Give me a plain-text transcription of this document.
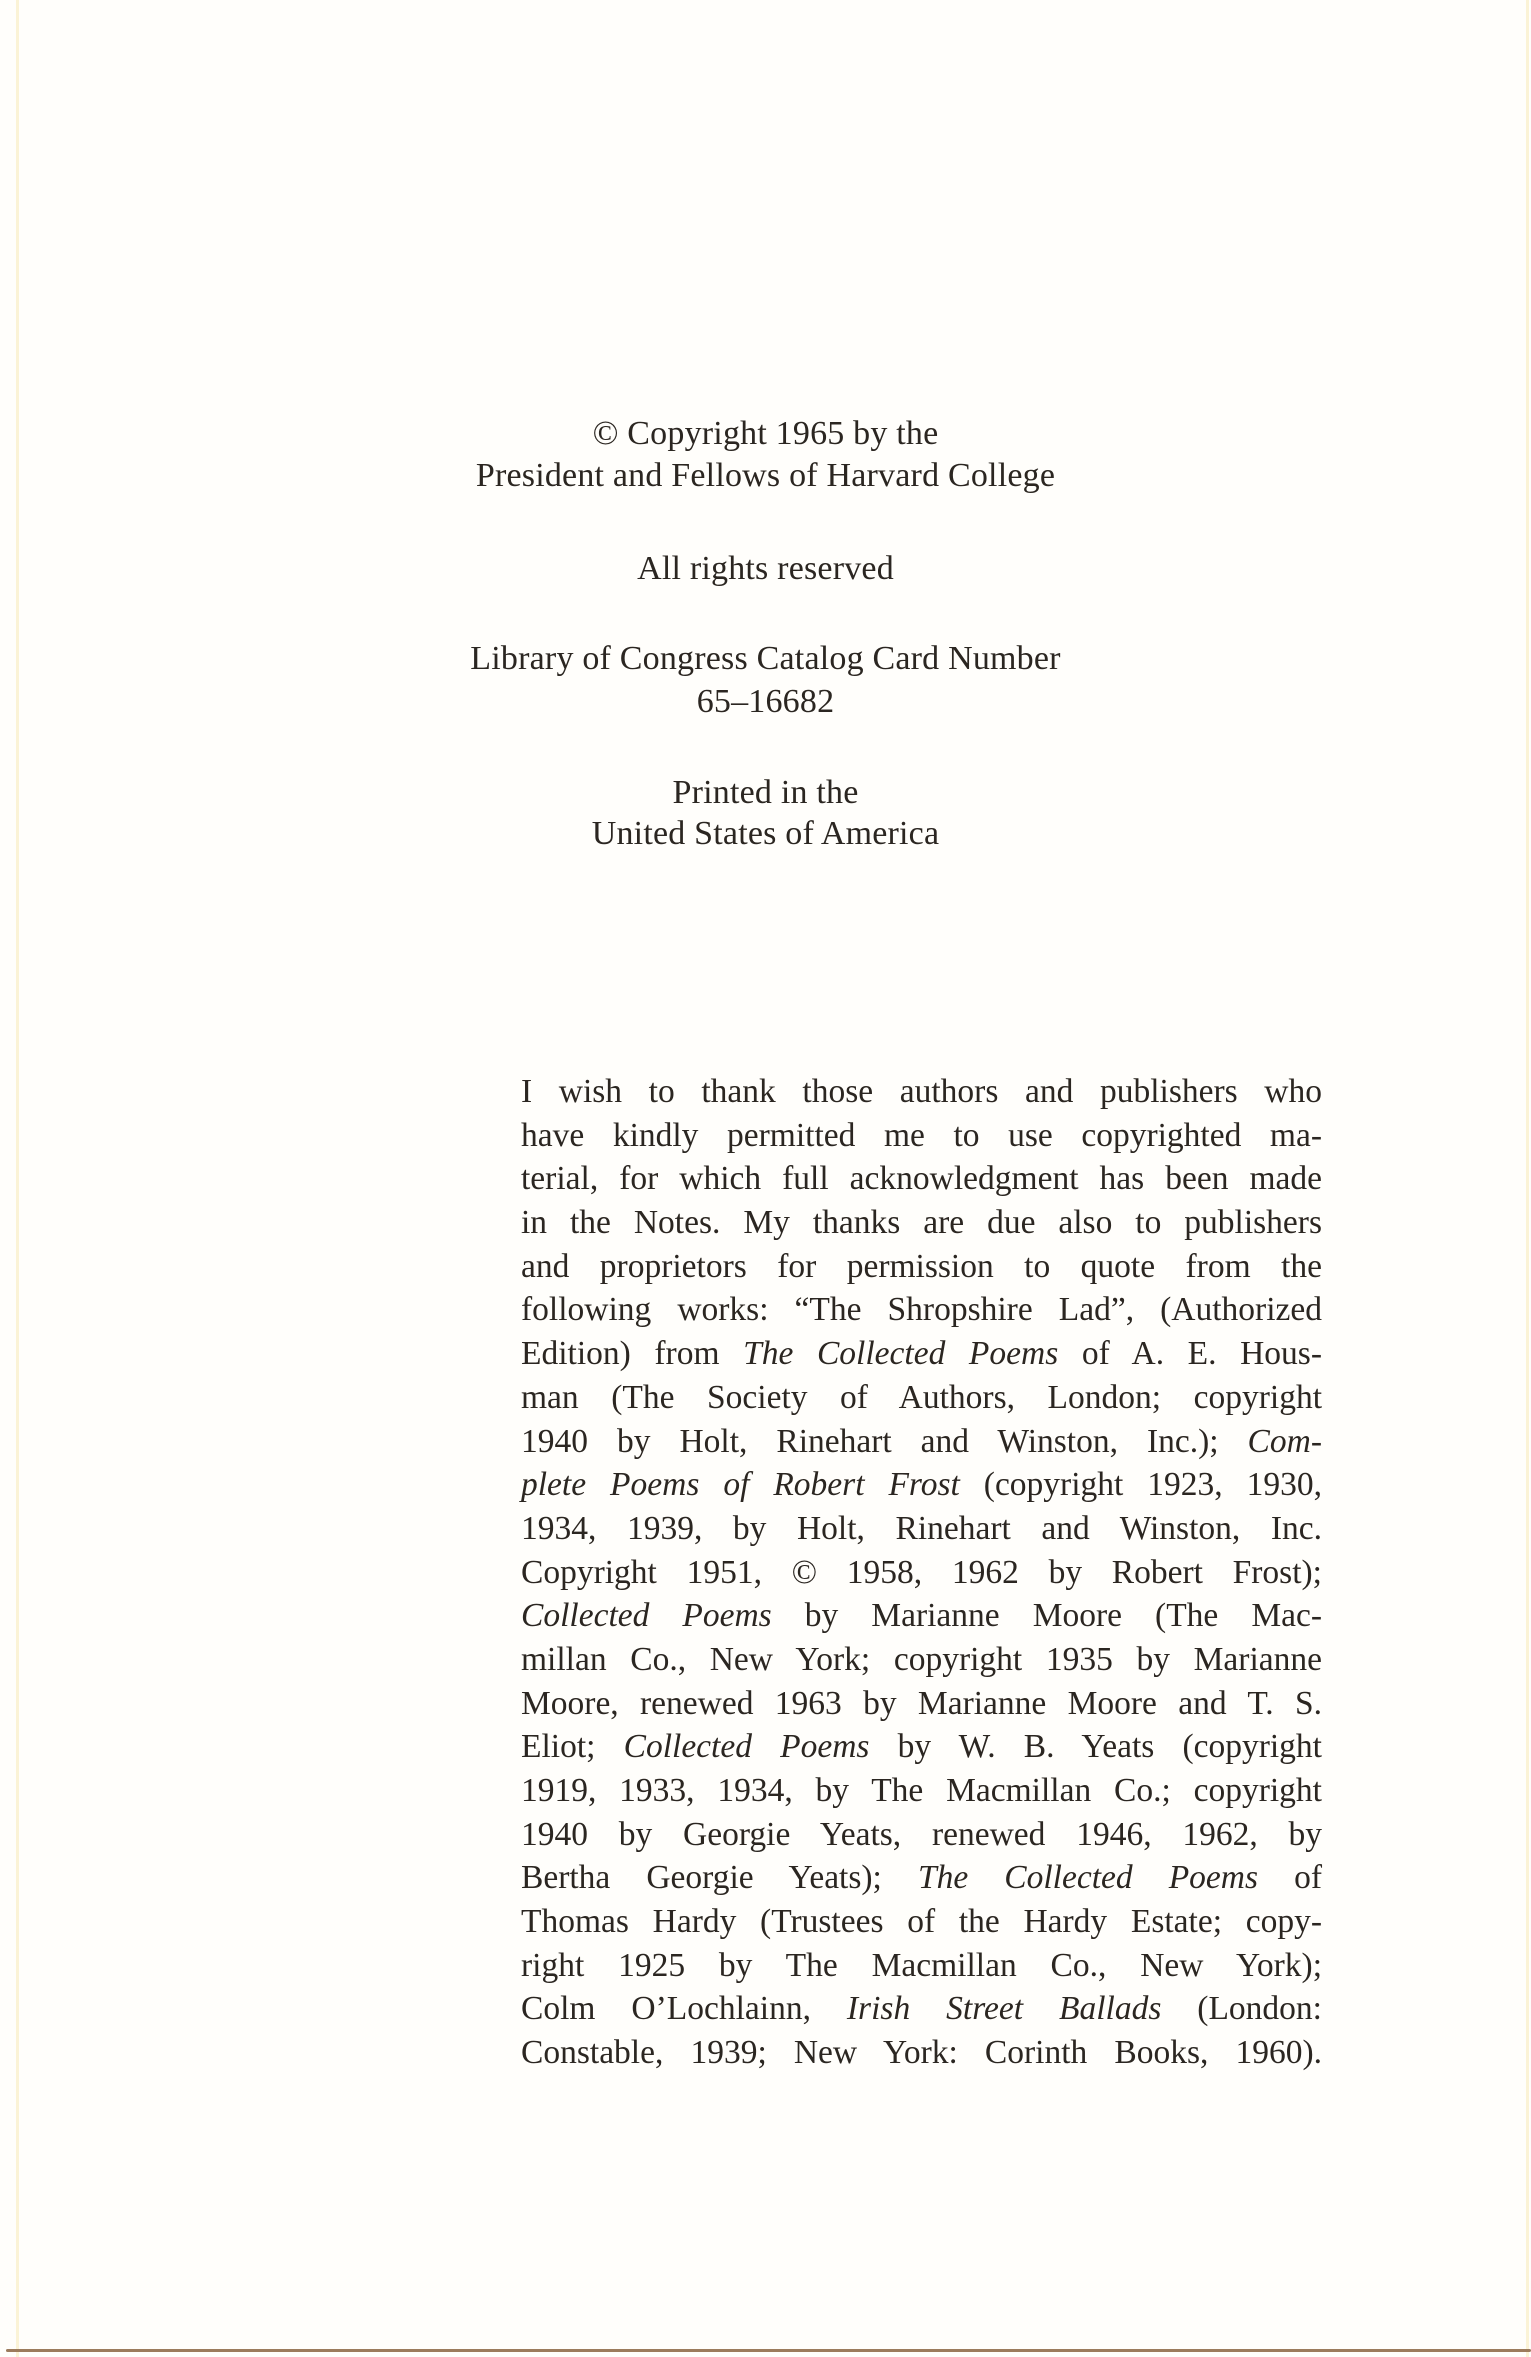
© Copyright 1965 by the
President and Fellows of Harvard College
All rights reserved
Library of Congress Catalog Card Number
65–16682
Printed in the
United States of America
I wish to thank those authors and publishers who
have kindly permitted me to use copyrighted ma-
terial, for which full acknowledgment has been made
in the Notes. My thanks are due also to publishers
and proprietors for permission to quote from the
following works: “The Shropshire Lad”, (Authorized
Edition) from The Collected Poems of A. E. Hous-
man (The Society of Authors, London; copyright
1940 by Holt, Rinehart and Winston, Inc.); Com-
plete Poems of Robert Frost (copyright 1923, 1930,
1934, 1939, by Holt, Rinehart and Winston, Inc.
Copyright 1951, © 1958, 1962 by Robert Frost);
Collected Poems by Marianne Moore (The Mac-
millan Co., New York; copyright 1935 by Marianne
Moore, renewed 1963 by Marianne Moore and T. S.
Eliot; Collected Poems by W. B. Yeats (copyright
1919, 1933, 1934, by The Macmillan Co.; copyright
1940 by Georgie Yeats, renewed 1946, 1962, by
Bertha Georgie Yeats); The Collected Poems of
Thomas Hardy (Trustees of the Hardy Estate; copy-
right 1925 by The Macmillan Co., New York);
Colm O’Lochlainn, Irish Street Ballads (London:
Constable, 1939; New York: Corinth Books, 1960).
